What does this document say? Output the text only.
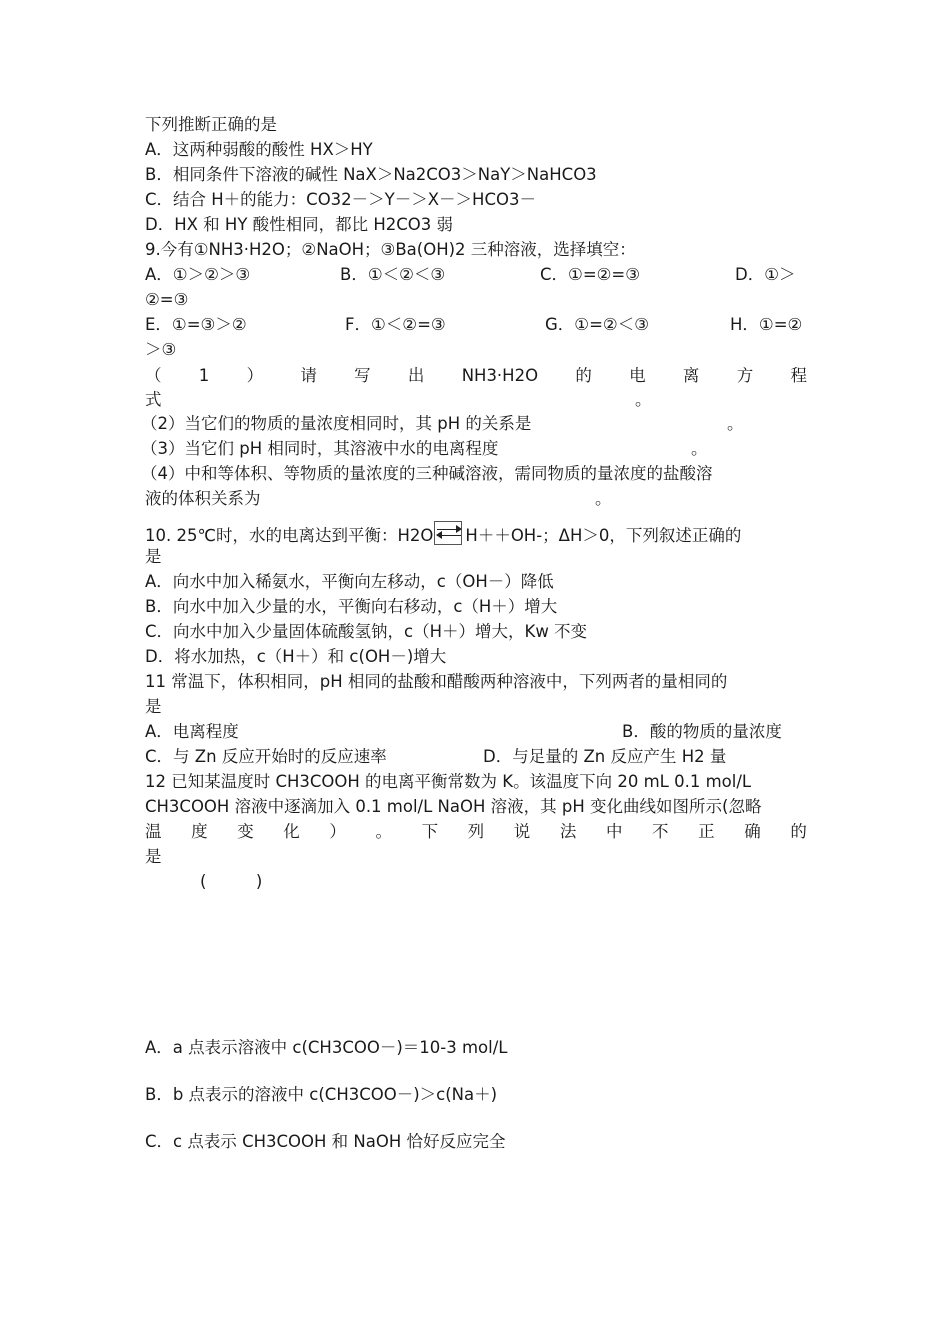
下列推断正确的是
A．这两种弱酸的酸性 HX＞HY
B．相同条件下溶液的碱性 NaX＞Na2CO3＞NaY＞NaHCO3
C．结合 H＋的能力：CO32－＞Y－＞X－＞HCO3－
D．HX 和 HY 酸性相同，都比 H2CO3 弱
9.今有①NH3·H2O；②NaOH；③Ba(OH)2 三种溶液，选择填空：
A．①＞②＞③	B．①＜②＜③	C．①=②=③	D．①＞
②=③
E．①=③＞②	F．①＜②=③	G．①=②＜③	H．①=②
＞③
（ 1 ） 请 写 出 NH3·H2O 的 电 离 方 程
式	。
（2）当它们的物质的量浓度相同时，其 pH 的关系是	。
（3）当它们 pH 相同时，其溶液中水的电离程度	。
（4）中和等体积、等物质的量浓度的三种碱溶液，需同物质的量浓度的盐酸溶
液的体积关系为	。
10. 25℃时，水的电离达到平衡：H2O H＋＋OH-；ΔH＞0，下列叙述正确的
是
A．向水中加入稀氨水，平衡向左移动，c（OH－）降低
B．向水中加入少量的水，平衡向右移动，c（H＋）增大
C．向水中加入少量固体硫酸氢钠，c（H＋）增大，Kw 不变
D．将水加热，c（H＋）和 c(OH－)增大
11 常温下，体积相同，pH 相同的盐酸和醋酸两种溶液中，下列两者的量相同的
是
A．电离程度	B．酸的物质的量浓度
C．与 Zn 反应开始时的反应速率	D．与足量的 Zn 反应产生 H2 量
12 已知某温度时 CH3COOH 的电离平衡常数为 K。该温度下向 20 mL 0.1 mol/L
CH3COOH 溶液中逐滴加入 0.1 mol/L NaOH 溶液，其 pH 变化曲线如图所示(忽略
温 度 变 化 ） 。 下 列 说 法 中 不 正 确 的
是
(　　　)
A．a 点表示溶液中 c(CH3COO－)＝10-3 mol/L
B．b 点表示的溶液中 c(CH3COO－)＞c(Na＋)
C．c 点表示 CH3COOH 和 NaOH 恰好反应完全
